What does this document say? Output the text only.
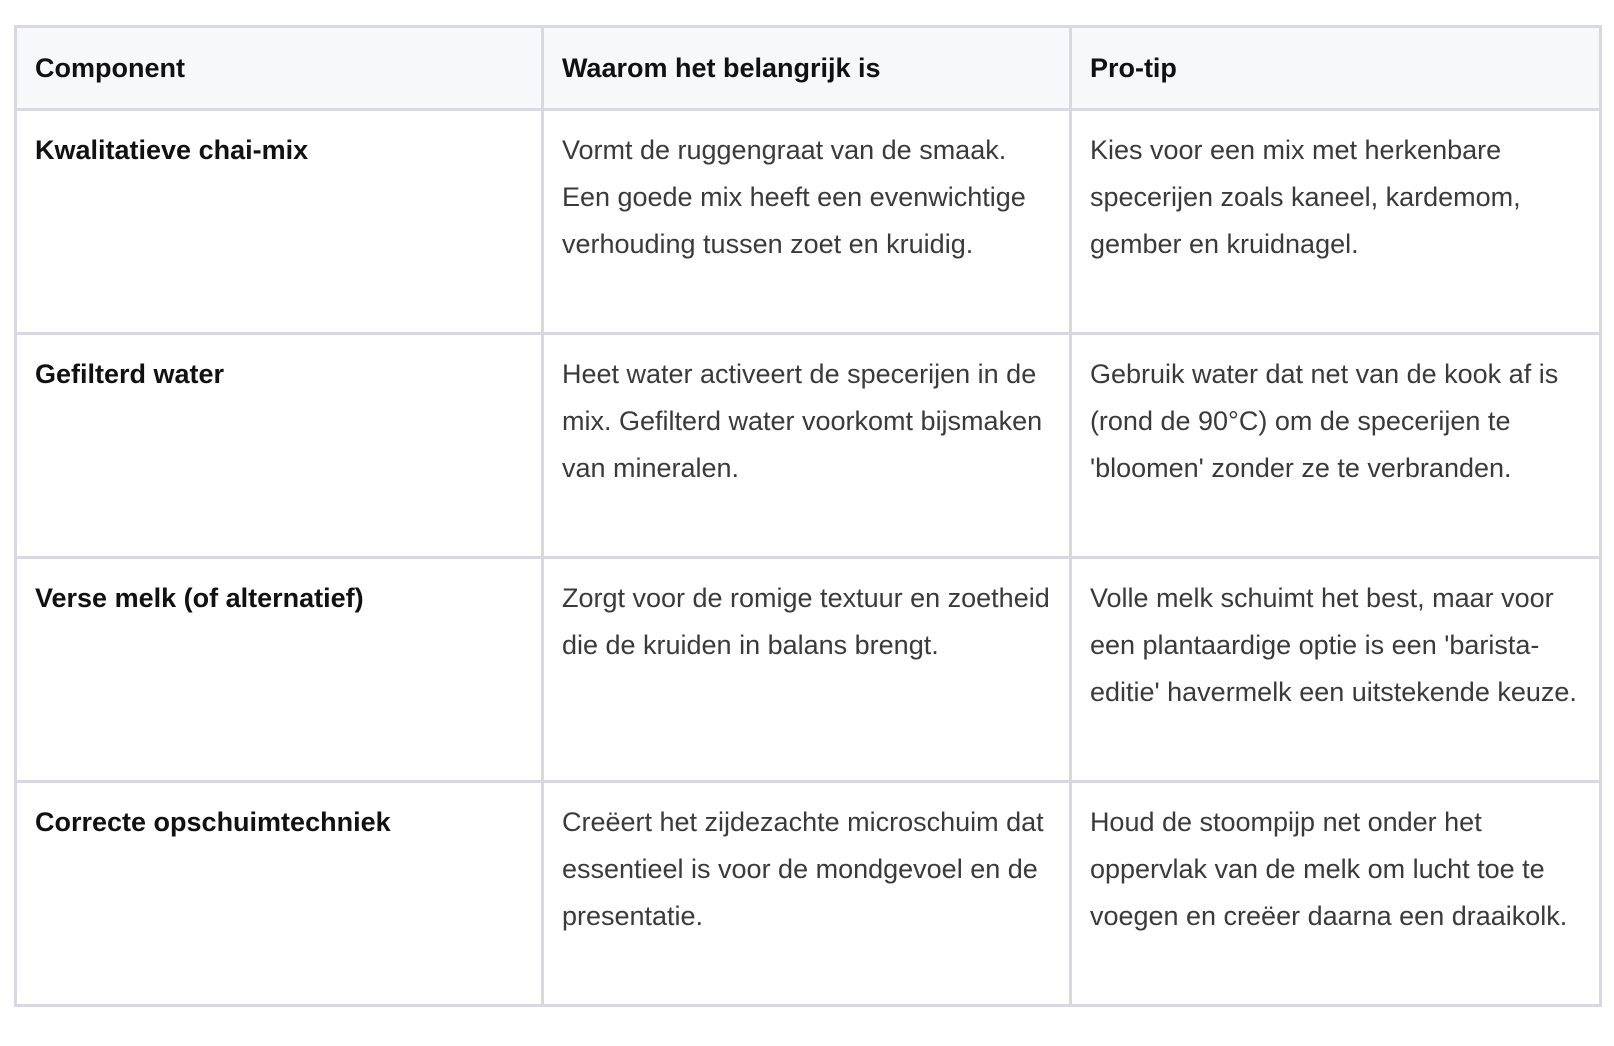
Component	Waarom het belangrijk is	Pro-tip
Kwalitatieve chai-mix	Vormt de ruggengraat van de smaak. Een goede mix heeft een evenwichtige verhouding tussen zoet en kruidig.	Kies voor een mix met herkenbare specerijen zoals kaneel, kardemom, gember en kruidnagel.
Gefilterd water	Heet water activeert de specerijen in de mix. Gefilterd water voorkomt bijsmaken van mineralen.	Gebruik water dat net van de kook af is (rond de 90°C) om de specerijen te 'bloomen' zonder ze te verbranden.
Verse melk (of alternatief)	Zorgt voor de romige textuur en zoetheid die de kruiden in balans brengt.	Volle melk schuimt het best, maar voor een plantaardige optie is een 'barista-editie' havermelk een uitstekende keuze.
Correcte opschuimtechniek	Creëert het zijdezachte microschuim dat essentieel is voor de mondgevoel en de presentatie.	Houd de stoompijp net onder het oppervlak van de melk om lucht toe te voegen en creëer daarna een draaikolk.
